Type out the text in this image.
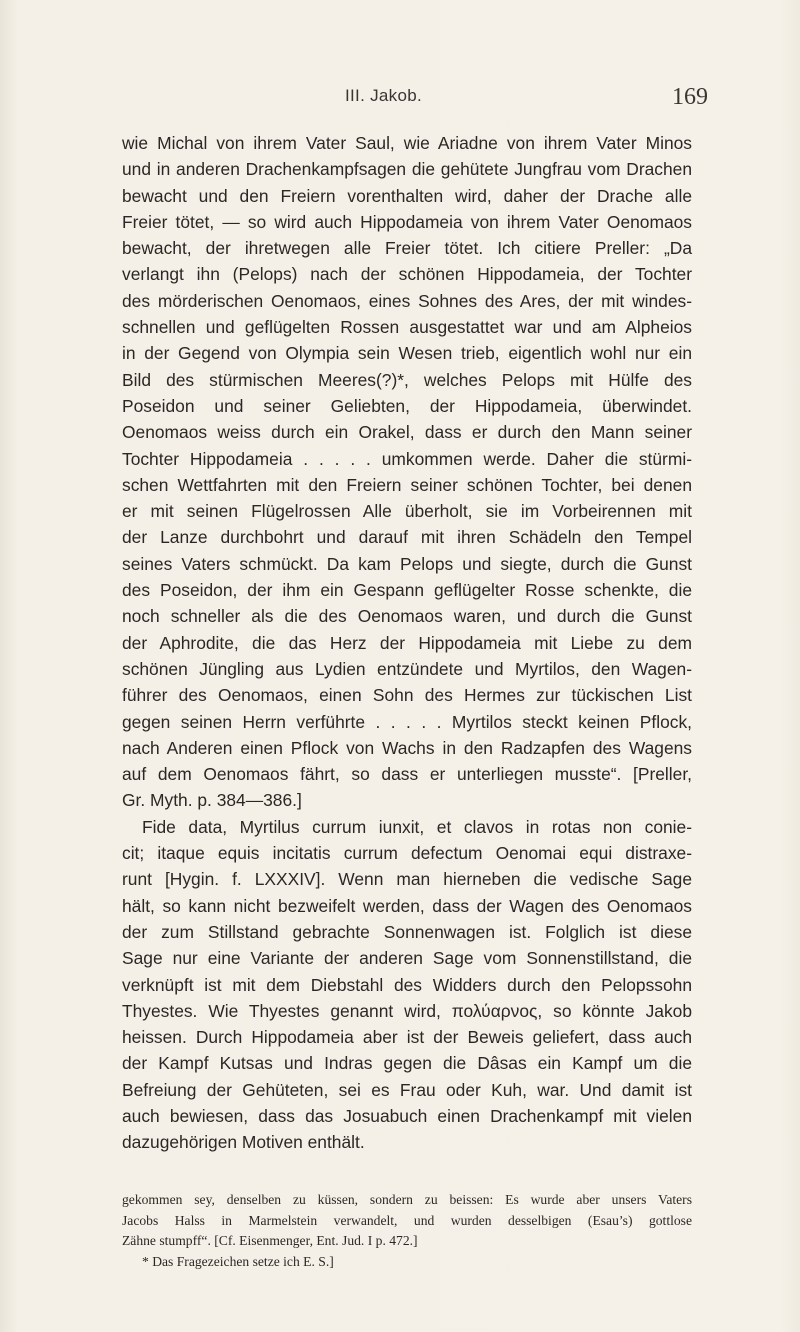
III. Jakob.	169
wie Michal von ihrem Vater Saul, wie Ariadne von ihrem Vater Minos
und in anderen Drachenkampfsagen die gehütete Jungfrau vom Drachen
bewacht und den Freiern vorenthalten wird, daher der Drache alle
Freier tötet, — so wird auch Hippodameia von ihrem Vater Oenomaos
bewacht, der ihretwegen alle Freier tötet. Ich citiere Preller: „Da
verlangt ihn (Pelops) nach der schönen Hippodameia, der Tochter
des mörderischen Oenomaos, eines Sohnes des Ares, der mit windes-
schnellen und geflügelten Rossen ausgestattet war und am Alpheios
in der Gegend von Olympia sein Wesen trieb, eigentlich wohl nur ein
Bild des stürmischen Meeres(?)*, welches Pelops mit Hülfe des
Poseidon und seiner Geliebten, der Hippodameia, überwindet.
Oenomaos weiss durch ein Orakel, dass er durch den Mann seiner
Tochter Hippodameia . . . . . umkommen werde. Daher die stürmi-
schen Wettfahrten mit den Freiern seiner schönen Tochter, bei denen
er mit seinen Flügelrossen Alle überholt, sie im Vorbeirennen mit
der Lanze durchbohrt und darauf mit ihren Schädeln den Tempel
seines Vaters schmückt. Da kam Pelops und siegte, durch die Gunst
des Poseidon, der ihm ein Gespann geflügelter Rosse schenkte, die
noch schneller als die des Oenomaos waren, und durch die Gunst
der Aphrodite, die das Herz der Hippodameia mit Liebe zu dem
schönen Jüngling aus Lydien entzündete und Myrtilos, den Wagen-
führer des Oenomaos, einen Sohn des Hermes zur tückischen List
gegen seinen Herrn verführte . . . . . Myrtilos steckt keinen Pflock,
nach Anderen einen Pflock von Wachs in den Radzapfen des Wagens
auf dem Oenomaos fährt, so dass er unterliegen musste“. [Preller,
Gr. Myth. p. 384—386.]
Fide data, Myrtilus currum iunxit, et clavos in rotas non conie-
cit; itaque equis incitatis currum defectum Oenomai equi distraxe-
runt [Hygin. f. LXXXIV]. Wenn man hierneben die vedische Sage
hält, so kann nicht bezweifelt werden, dass der Wagen des Oenomaos
der zum Stillstand gebrachte Sonnenwagen ist. Folglich ist diese
Sage nur eine Variante der anderen Sage vom Sonnenstillstand, die
verknüpft ist mit dem Diebstahl des Widders durch den Pelopssohn
Thyestes. Wie Thyestes genannt wird, πολύαρνος, so könnte Jakob
heissen. Durch Hippodameia aber ist der Beweis geliefert, dass auch
der Kampf Kutsas und Indras gegen die Dâsas ein Kampf um die
Befreiung der Gehüteten, sei es Frau oder Kuh, war. Und damit ist
auch bewiesen, dass das Josuabuch einen Drachenkampf mit vielen
dazugehörigen Motiven enthält.
gekommen sey, denselben zu küssen, sondern zu beissen: Es wurde aber unsers Vaters
Jacobs Halss in Marmelstein verwandelt, und wurden desselbigen (Esau’s) gottlose
Zähne stumpff“. [Cf. Eisenmenger, Ent. Jud. I p. 472.]
* Das Fragezeichen setze ich E. S.]
